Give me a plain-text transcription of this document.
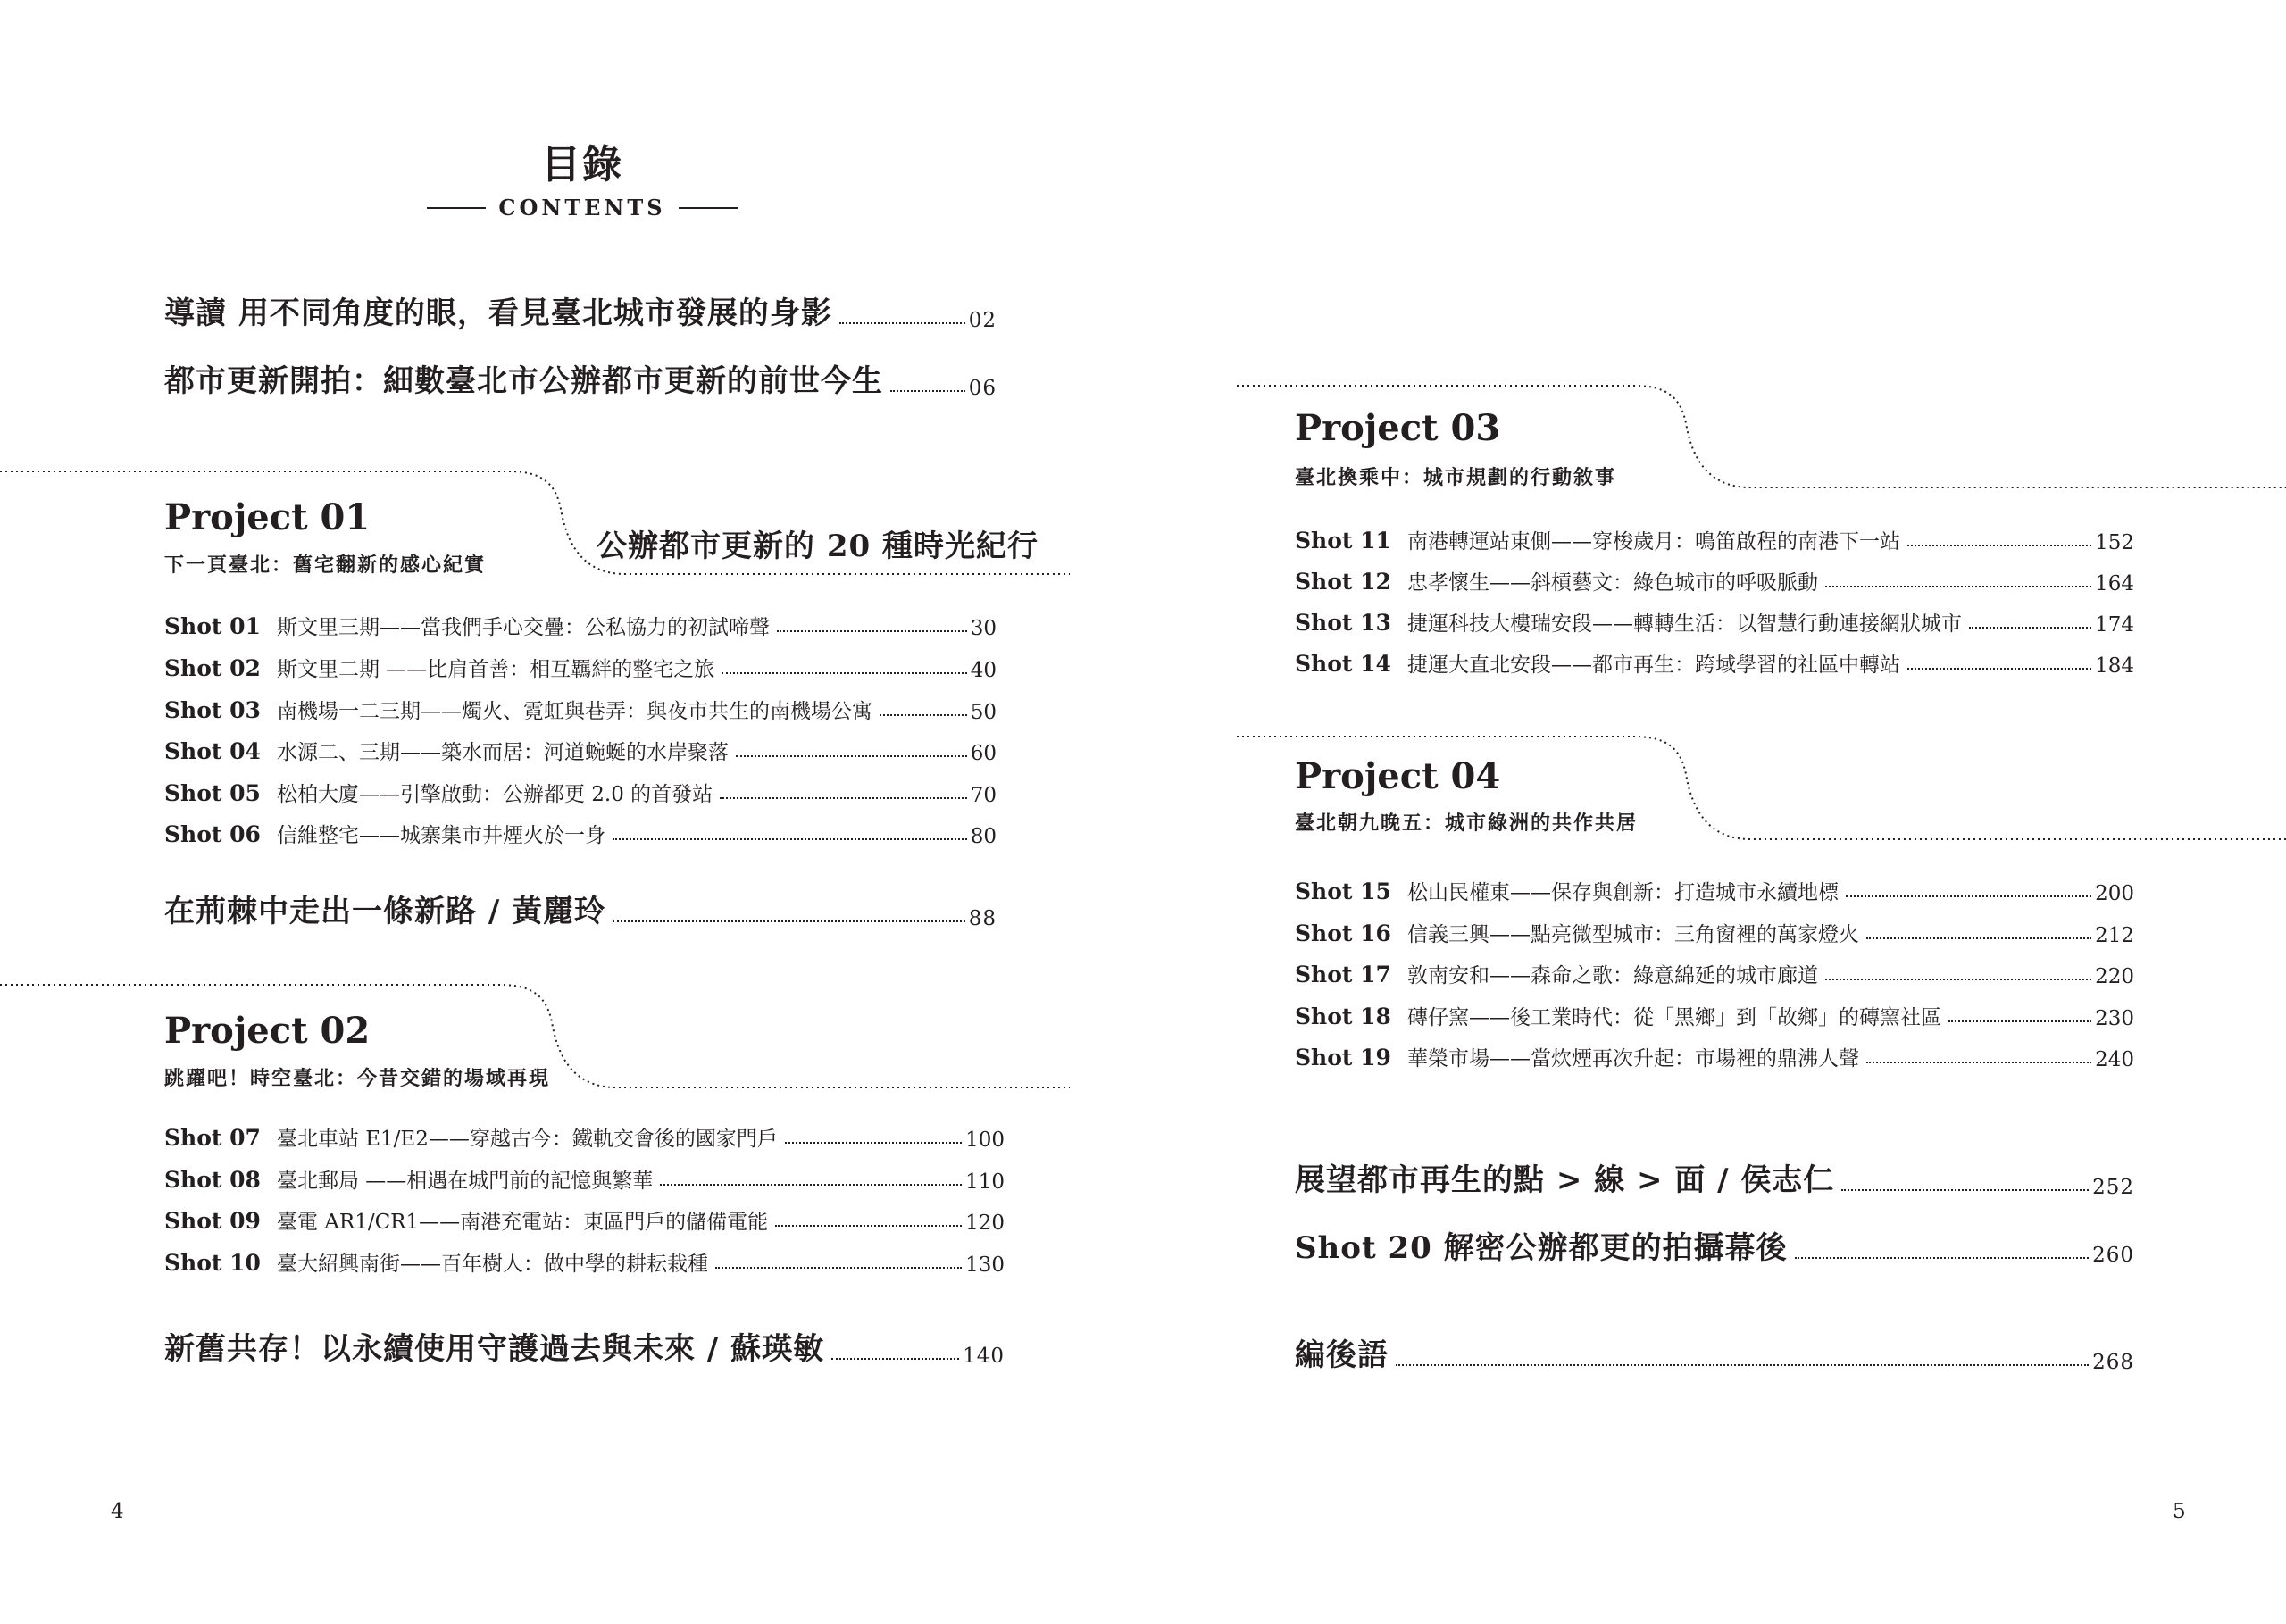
目錄
CONTENTS
導讀 用不同角度的眼，看見臺北城市發展的身影	02
都市更新開拍：細數臺北市公辦都市更新的前世今生	06
Project 01
下一頁臺北：舊宅翻新的感心紀實
公辦都市更新的 20 種時光紀行
Shot 01 斯文里三期——當我們手心交疊：公私協力的初試啼聲	30
Shot 02 斯文里二期 ——比肩首善：相互羈絆的整宅之旅	40
Shot 03 南機場一二三期——燭火、霓虹與巷弄：與夜市共生的南機場公寓	50
Shot 04 水源二、三期——築水而居：河道蜿蜒的水岸聚落	60
Shot 05 松柏大廈——引擎啟動：公辦都更 2.0 的首發站	70
Shot 06 信維整宅——城寨集市井煙火於一身	80
在荊棘中走出一條新路 / 黃麗玲	88
Project 02
跳躍吧！時空臺北：今昔交錯的場域再現
Shot 07 臺北車站 E1/E2——穿越古今：鐵軌交會後的國家門戶	100
Shot 08 臺北郵局 ——相遇在城門前的記憶與繁華	110
Shot 09 臺電 AR1/CR1——南港充電站：東區門戶的儲備電能	120
Shot 10 臺大紹興南街——百年樹人：做中學的耕耘栽種	130
新舊共存！以永續使用守護過去與未來 / 蘇瑛敏	140
4
Project 03
臺北換乘中：城市規劃的行動敘事
Shot 11 南港轉運站東側——穿梭歲月：鳴笛啟程的南港下一站	152
Shot 12 忠孝懷生——斜槓藝文：綠色城市的呼吸脈動	164
Shot 13 捷運科技大樓瑞安段——轉轉生活：以智慧行動連接網狀城市	174
Shot 14 捷運大直北安段——都市再生：跨域學習的社區中轉站	184
Project 04
臺北朝九晚五：城市綠洲的共作共居
Shot 15 松山民權東——保存與創新：打造城市永續地標	200
Shot 16 信義三興——點亮微型城市：三角窗裡的萬家燈火	212
Shot 17 敦南安和——森命之歌：綠意綿延的城市廊道	220
Shot 18 磚仔窯——後工業時代：從「黑鄉」到「故鄉」的磚窯社區	230
Shot 19 華榮市場——當炊煙再次升起：市場裡的鼎沸人聲	240
展望都市再生的點 > 線 > 面 / 侯志仁	252
Shot 20 解密公辦都更的拍攝幕後	260
編後語	268
5
